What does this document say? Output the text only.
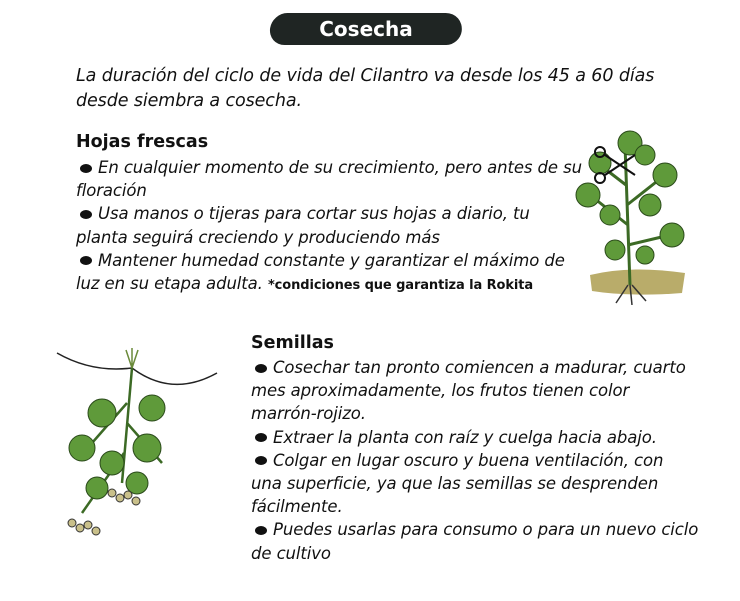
Cosecha
La duración del ciclo de vida del Cilantro va desde los 45 a 60 días
desde siembra a cosecha.
Hojas frescas
En cualquier momento de su crecimiento, pero antes de su
floración
Usa manos o tijeras para cortar sus hojas a diario, tu
planta seguirá creciendo y produciendo más
Mantener humedad constante y garantizar el máximo de
luz en su etapa adulta. *condiciones que garantiza la Rokita
Semillas
Cosechar tan pronto comiencen a madurar, cuarto
mes aproximadamente, los frutos tienen color
marrón-rojizo.
Extraer la planta con raíz y cuelga hacia abajo.
Colgar en lugar oscuro y buena ventilación, con
una superficie, ya que las semillas se desprenden
fácilmente.
Puedes usarlas para consumo o para un nuevo ciclo
de cultivo
